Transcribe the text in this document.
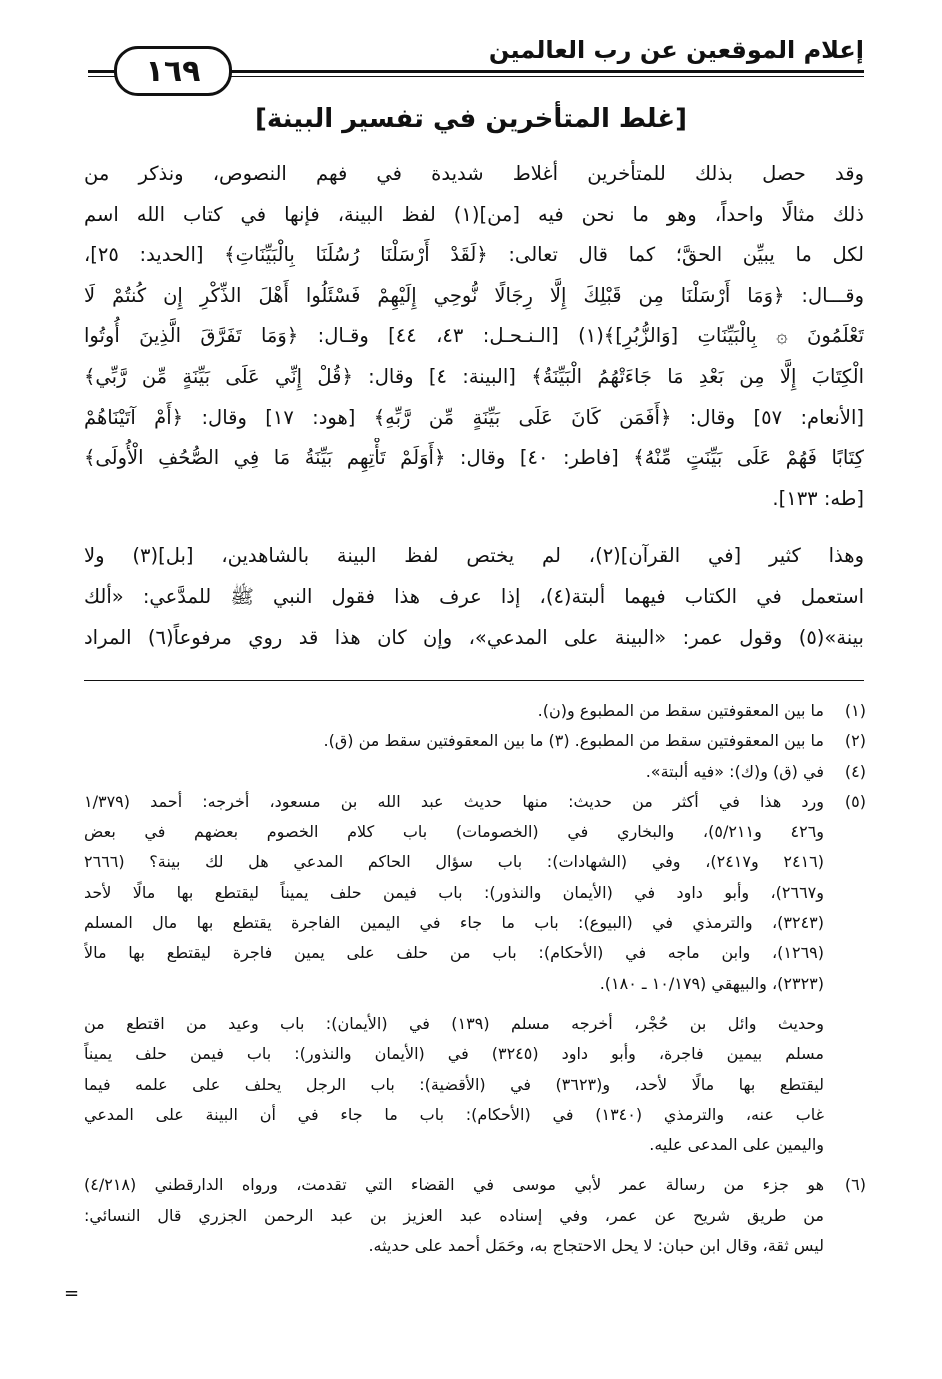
إعلام الموقعين عن رب العالمين
١٦٩
[غلط المتأخرين في تفسير البينة]
وقد حصل بذلك للمتأخرين أغلاط شديدة في فهم النصوص، ونذكر من
ذلك مثالًا واحداً، وهو ما نحن فيه [من](١) لفظ البينة، فإنها في كتاب الله اسم
لكل ما يبيِّن الحقَّ؛ كما قال تعالى: ﴿لَقَدْ أَرْسَلْنَا رُسُلَنَا بِالْبَيِّنَاتِ﴾ [الحديد: ٢٥]،
وقـــال: ﴿وَمَا أَرْسَلْنَا مِن قَبْلِكَ إِلَّا رِجَالًا نُّوحِي إِلَيْهِمْ فَسْئَلُوا أَهْلَ الذِّكْرِ إِن كُنتُمْ لَا
تَعْلَمُونَ ۞ بِالْبَيِّنَاتِ [وَالزُّبُرِ]﴾(١) [الـنـحـل: ٤٣، ٤٤] وقـال: ﴿وَمَا تَفَرَّقَ الَّذِينَ أُوتُوا
الْكِتَابَ إِلَّا مِن بَعْدِ مَا جَاءَتْهُمُ الْبَيِّنَةُ﴾ [البينة: ٤] وقال: ﴿قُلْ إِنِّي عَلَى بَيِّنَةٍ مِّن رَّبِّي﴾
[الأنعام: ٥٧] وقال: ﴿أَفَمَن كَانَ عَلَى بَيِّنَةٍ مِّن رَّبِّهِ﴾ [هود: ١٧] وقال: ﴿أَمْ آتَيْنَاهُمْ
كِتَابًا فَهُمْ عَلَى بَيِّنَتٍ مِّنْهُ﴾ [فاطر: ٤٠] وقال: ﴿أَوَلَمْ تَأْتِهِم بَيِّنَةُ مَا فِي الصُّحُفِ الْأُولَى﴾
[طه: ١٣٣].
وهذا كثير [في القرآن](٢)، لم يختص لفظ البينة بالشاهدين، [بل](٣) ولا
استعمل في الكتاب فيهما ألبتة(٤)، إذا عرف هذا فقول النبي ﷺ للمدَّعي: «ألك
بينة»(٥) وقول عمر: «البينة على المدعي»، وإن كان هذا قد روي مرفوعاً(٦) المراد
(١)
ما بين المعقوفتين سقط من المطبوع و(ن).
(٢)
ما بين المعقوفتين سقط من المطبوع. (٣) ما بين المعقوفتين سقط من (ق).
(٤)
في (ق) و(ك): «فيه ألبتة».
(٥)
ورد هذا في أكثر من حديث: منها حديث عبد الله بن مسعود، أخرجه: أحمد (١/٣٧٩
و٤٢٦ و٥/٢١١)، والبخاري في (الخصومات) باب كلام الخصوم بعضهم في بعض
(٢٤١٦ و٢٤١٧)، وفي (الشهادات): باب سؤال الحاكم المدعي هل لك بينة؟ (٢٦٦٦
و٢٦٦٧)، وأبو داود في (الأيمان والنذور): باب فيمن حلف يميناً ليقتطع بها مالًا لأحد
(٣٢٤٣)، والترمذي في (البيوع): باب ما جاء في اليمين الفاجرة يقتطع بها مال المسلم
(١٢٦٩)، وابن ماجه في (الأحكام): باب من حلف على يمين فاجرة ليقتطع بها مالاً
(٢٣٢٣)، والبيهقي (١٠/١٧٩ ـ ١٨٠).
وحديث وائل بن حُجْر، أخرجه مسلم (١٣٩) في (الأيمان): باب وعيد من اقتطع من
مسلم بيمين فاجرة، وأبو داود (٣٢٤٥) في (الأيمان والنذور): باب فيمن حلف يميناً
ليقتطع بها مالًا لأحد، و(٣٦٢٣) في (الأقضية): باب الرجل يحلف على علمه فيما
غاب عنه، والترمذي (١٣٤٠) في (الأحكام): باب ما جاء في أن البينة على المدعي
واليمين على المدعى عليه.
(٦)
هو جزء من رسالة عمر لأبي موسى في القضاء التي تقدمت، ورواه الدارقطني (٤/٢١٨)
من طريق شريح عن عمر، وفي إسناده عبد العزيز بن عبد الرحمن الجزري قال النسائي:
ليس ثقة، وقال ابن حبان: لا يحل الاحتجاج به، وحَمَل أحمد على حديثه.
=
